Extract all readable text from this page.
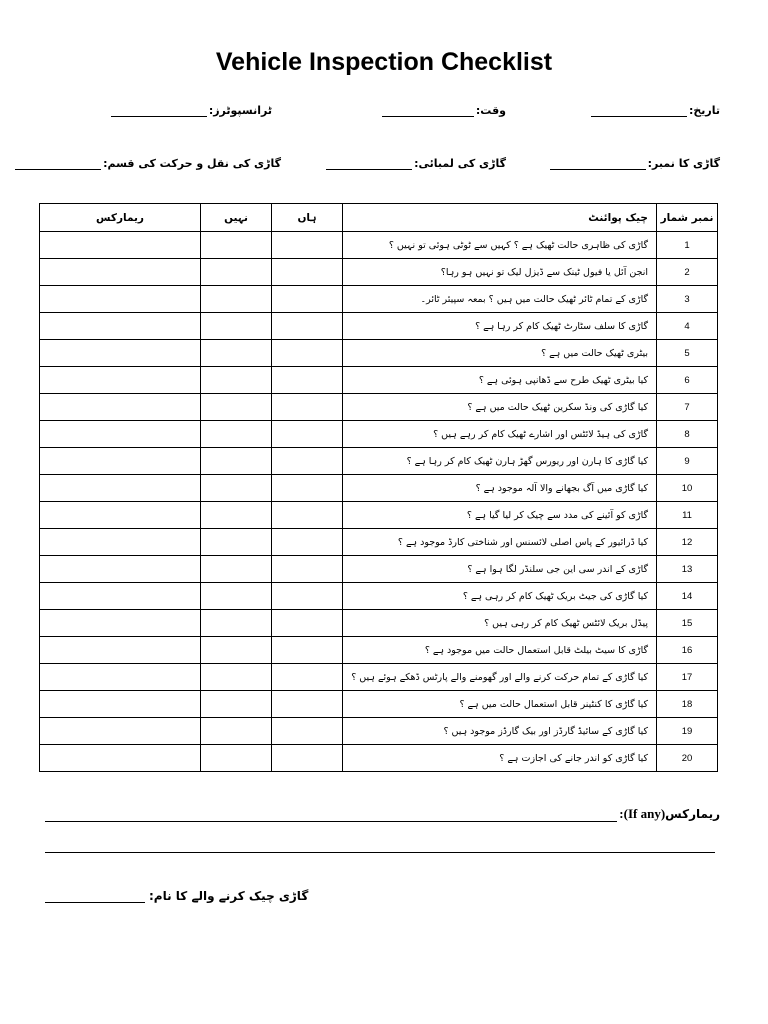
Vehicle Inspection Checklist
تاریخ:
وقت:
ٹرانسپوٹرز:
گاڑی کا نمبر:
گاڑی کی لمبائی:
گاڑی کی نقل و حرکت کی قسم:
ریمارکس	نہیں	ہاں	چیک پوائنٹ	نمبر شمار
			گاڑی کی ظاہری حالت ٹھیک ہے ؟ کہیں سے ٹوٹی ہوئی تو نہیں ؟	1
			انجن آئل یا فیول ٹینک سے ڈیزل لیک تو نہیں ہو رہا؟	2
			گاڑی کے تمام ٹائر ٹھیک حالت میں ہیں ؟ بمعہ سپیئر ٹائر۔	3
			گاڑی کا سلف سٹارٹ ٹھیک کام کر رہا ہے ؟	4
			بیٹری ٹھیک حالت میں ہے ؟	5
			کیا بیٹری ٹھیک طرح سے ڈھانپی ہوئی ہے ؟	6
			کیا گاڑی کی ونڈ سکرین ٹھیک حالت میں ہے ؟	7
			گاڑی کی ہیڈ لائٹس اور اشارے ٹھیک کام کر رہے ہیں ؟	8
			کیا گاڑی کا ہارن اور ریورس گھڑ ہارن ٹھیک کام کر رہا ہے ؟	9
			کیا گاڑی میں آگ بجھانے والا آلہ موجود ہے ؟	10
			گاڑی کو آئینے کی مدد سے چیک کر لیا گیا ہے ؟	11
			کیا ڈرائیور کے پاس اصلی لائسنس اور شناختی کارڈ موجود ہے ؟	12
			گاڑی کے اندر سی این جی سلنڈر لگا ہوا ہے ؟	13
			کیا گاڑی کی جیٹ بریک ٹھیک کام کر رہی ہے ؟	14
			پیڈل بریک لائٹس ٹھیک کام کر رہی ہیں ؟	15
			گاڑی کا سیٹ بیلٹ قابل استعمال حالت میں موجود ہے ؟	16
			کیا گاڑی کے تمام حرکت کرنے والے اور گھومنے والے پارٹس ڈھکے ہوئے ہیں ؟	17
			کیا گاڑی کا کنٹینر قابل استعمال حالت میں ہے ؟	18
			کیا گاڑی کے سائیڈ گارڈز اور بیک گارڈز موجود ہیں ؟	19
			کیا گاڑی کو اندر جانے کی اجازت ہے ؟	20
ریمارکس(If any):
گاڑی چیک کرنے والے کا نام:
